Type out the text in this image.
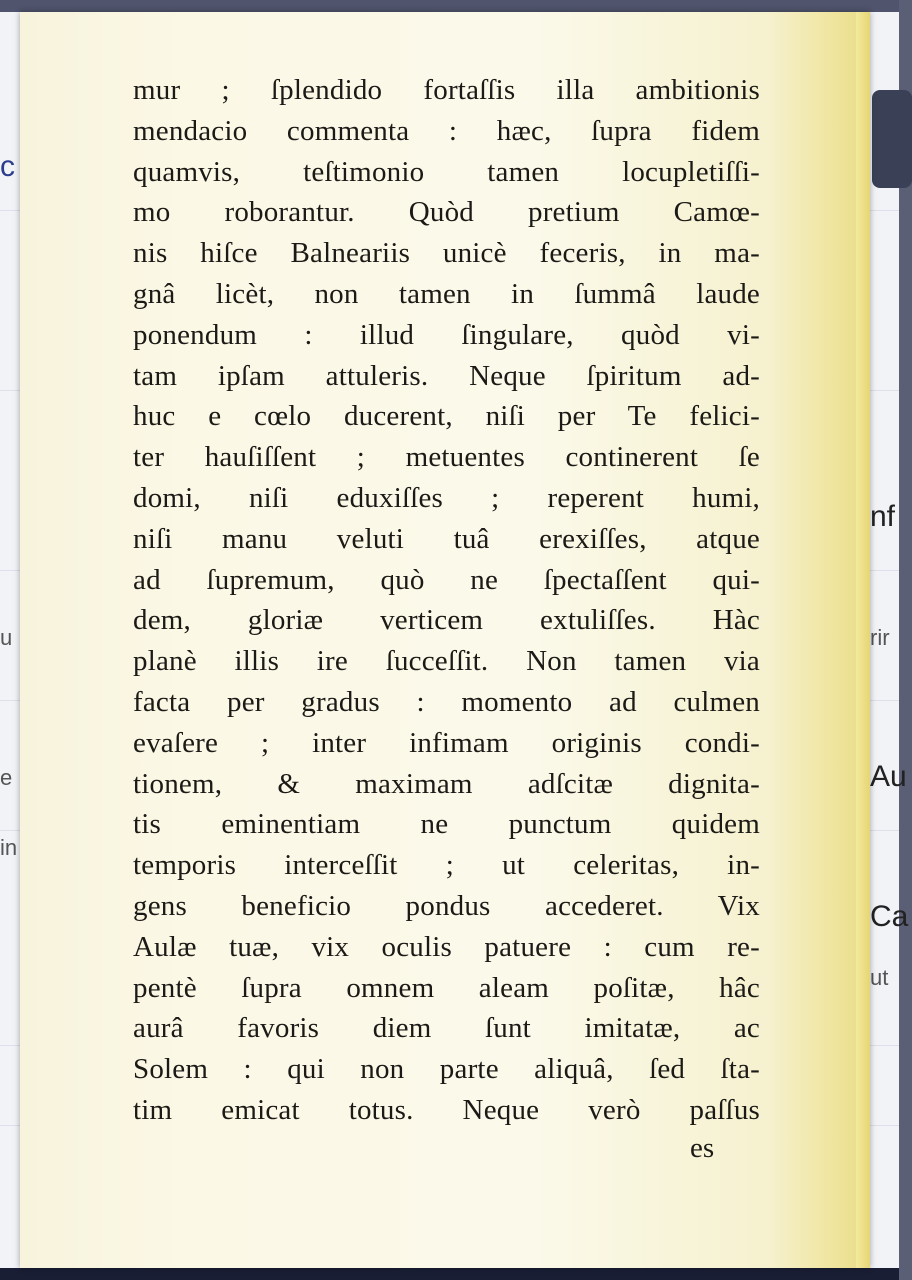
c
u
e
in
nf
rir
Au
Ca
ut
mur ; ſplendido fortaſſis illa ambitionis
mendacio commenta : hæc, ſupra fidem
quamvis, teſtimonio tamen locupletiſſi-
mo roborantur. Quòd pretium Camœ-
nis hiſce Balneariis unicè feceris, in ma-
gnâ licèt, non tamen in ſummâ laude
ponendum : illud ſingulare, quòd vi-
tam ipſam attuleris. Neque ſpiritum ad-
huc e cœlo ducerent, niſi per Te felici-
ter hauſiſſent ; metuentes continerent ſe
domi, niſi eduxiſſes ; reperent humi,
niſi manu veluti tuâ erexiſſes, atque
ad ſupremum, quò ne ſpectaſſent qui-
dem, gloriæ verticem extuliſſes. Hàc
planè illis ire ſucceſſit. Non tamen via
facta per gradus : momento ad culmen
evaſere ; inter infimam originis condi-
tionem, & maximam adſcitæ dignita-
tis eminentiam ne punctum quidem
temporis interceſſit ; ut celeritas, in-
gens beneficio pondus accederet. Vix
Aulæ tuæ, vix oculis patuere : cum re-
pentè ſupra omnem aleam poſitæ, hâc
aurâ favoris diem ſunt imitatæ, ac
Solem : qui non parte aliquâ, ſed ſta-
tim emicat totus. Neque verò paſſus
es
